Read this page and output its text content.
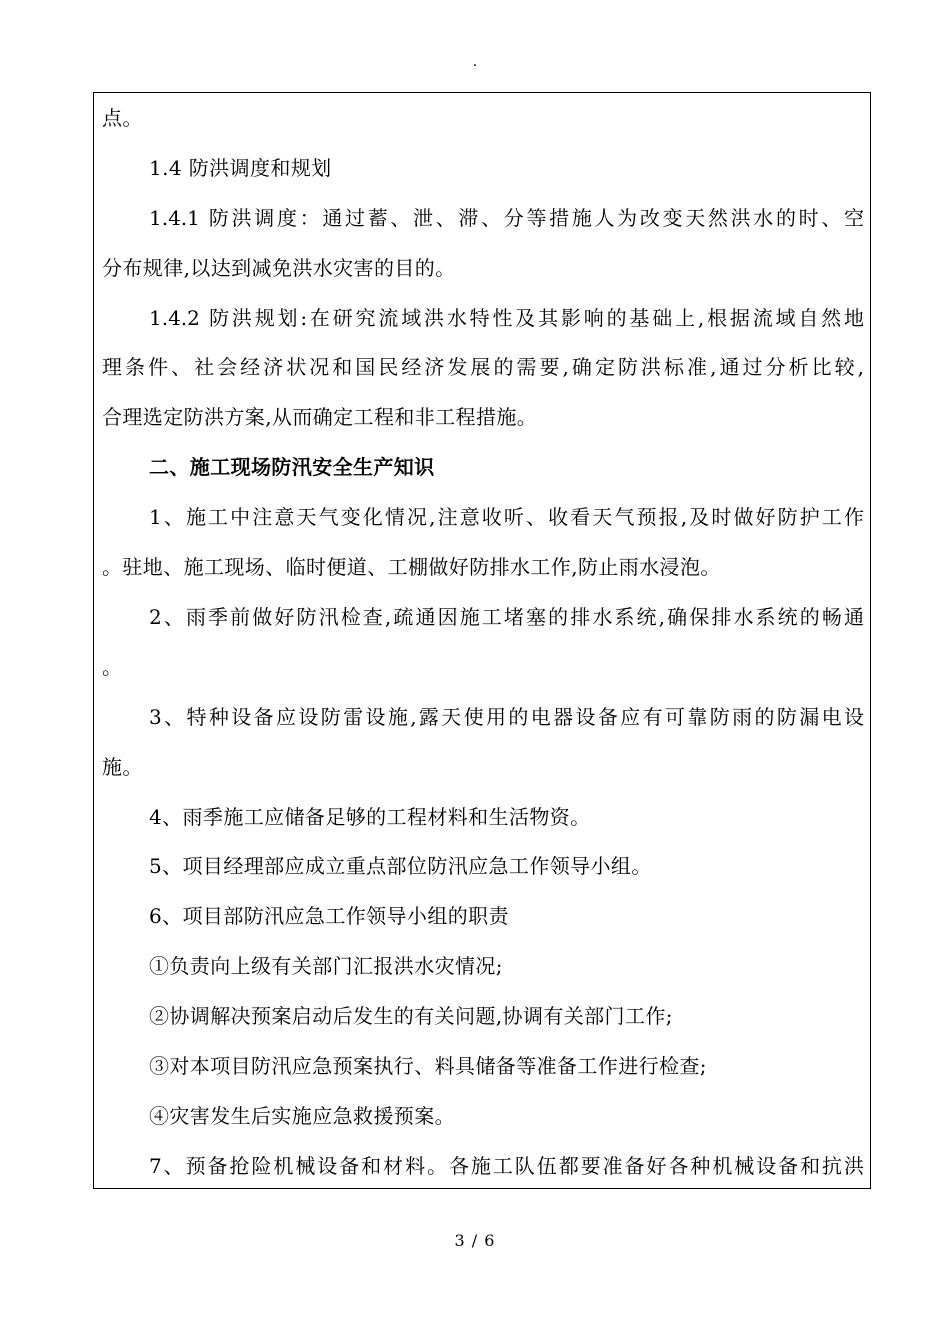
.
点。
1.4 防洪调度和规划
1.4.1 防洪调度：通过蓄、泄、滞、分等措施人为改变天然洪水的时、空
分布规律,以达到减免洪水灾害的目的。
1.4.2 防洪规划:在研究流域洪水特性及其影响的基础上,根据流域自然地
理条件、社会经济状况和国民经济发展的需要,确定防洪标准,通过分析比较,
合理选定防洪方案,从而确定工程和非工程措施。
二、施工现场防汛安全生产知识
1、施工中注意天气变化情况,注意收听、收看天气预报,及时做好防护工作
。驻地、施工现场、临时便道、工棚做好防排水工作,防止雨水浸泡。
2、雨季前做好防汛检查,疏通因施工堵塞的排水系统,确保排水系统的畅通
。
3、特种设备应设防雷设施,露天使用的电器设备应有可靠防雨的防漏电设
施。
4、雨季施工应储备足够的工程材料和生活物资。
5、项目经理部应成立重点部位防汛应急工作领导小组。
6、项目部防汛应急工作领导小组的职责
①负责向上级有关部门汇报洪水灾情况;
②协调解决预案启动后发生的有关问题,协调有关部门工作;
③对本项目防汛应急预案执行、料具储备等准备工作进行检查;
④灾害发生后实施应急救援预案。
7、预备抢险机械设备和材料。各施工队伍都要准备好各种机械设备和抗洪
3 / 6
